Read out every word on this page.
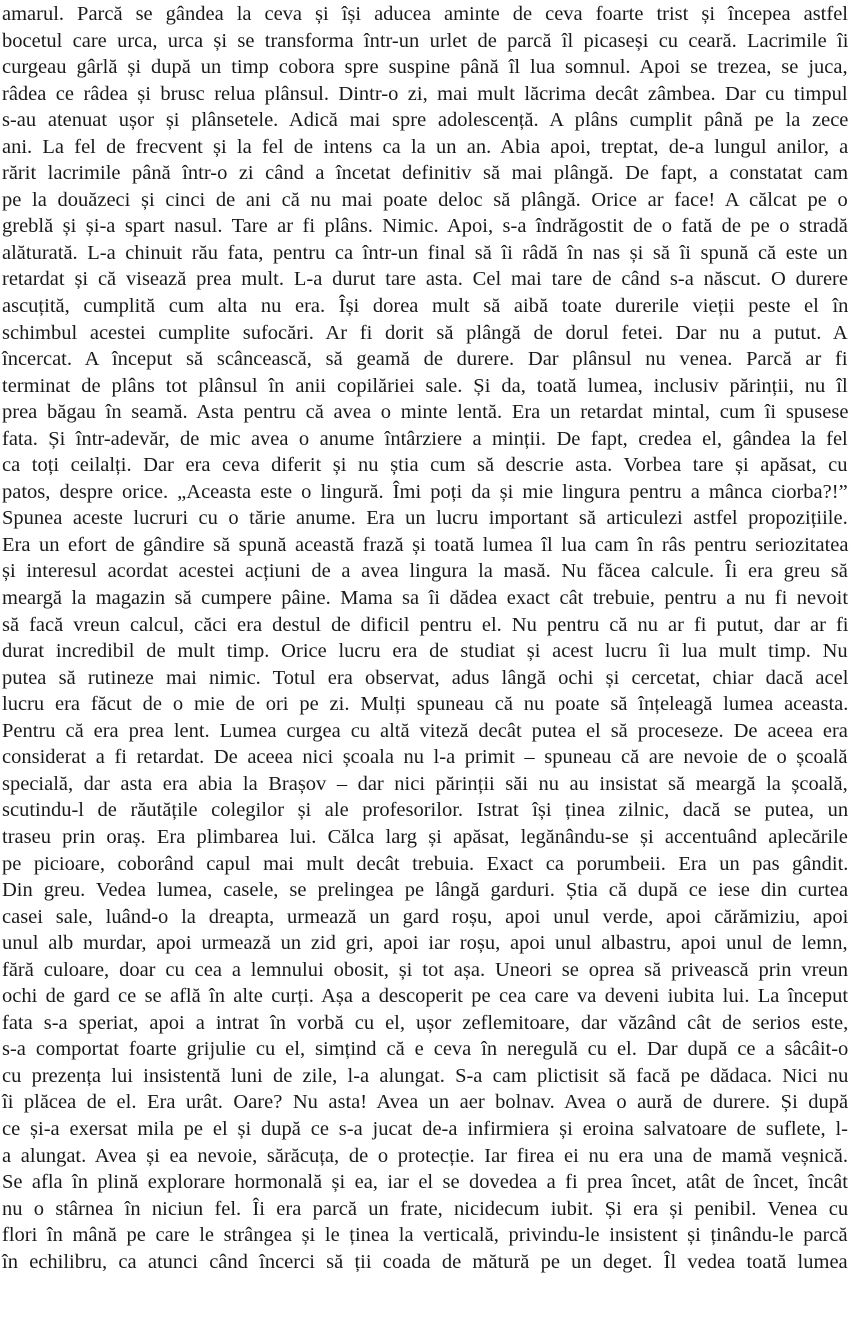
amarul. Parcă se gândea la ceva și își aducea aminte de ceva foarte trist și începea astfel
bocetul care urca, urca și se transforma într-un urlet de parcă îl picaseși cu ceară. Lacrimile îi
curgeau gârlă și după un timp cobora spre suspine până îl lua somnul. Apoi se trezea, se juca,
râdea ce râdea și brusc relua plânsul. Dintr-o zi, mai mult lăcrima decât zâmbea. Dar cu timpul
s-au atenuat ușor și plânsetele. Adică mai spre adolescență. A plâns cumplit până pe la zece
ani. La fel de frecvent și la fel de intens ca la un an. Abia apoi, treptat, de-a lungul anilor, a
rărit lacrimile până într-o zi când a încetat definitiv să mai plângă. De fapt, a constatat cam
pe la douăzeci și cinci de ani că nu mai poate deloc să plângă. Orice ar face! A călcat pe o
greblă și și-a spart nasul. Tare ar fi plâns. Nimic. Apoi, s-a îndrăgostit de o fată de pe o stradă
alăturată. L-a chinuit rău fata, pentru ca într-un final să îi râdă în nas și să îi spună că este un
retardat și că visează prea mult. L-a durut tare asta. Cel mai tare de când s-a născut. O durere
ascuțită, cumplită cum alta nu era. Își dorea mult să aibă toate durerile vieții peste el în
schimbul acestei cumplite sufocări. Ar fi dorit să plângă de dorul fetei. Dar nu a putut. A
încercat. A început să scâncească, să geamă de durere. Dar plânsul nu venea. Parcă ar fi
terminat de plâns tot plânsul în anii copilăriei sale. Și da, toată lumea, inclusiv părinții, nu îl
prea băgau în seamă. Asta pentru că avea o minte lentă. Era un retardat mintal, cum îi spusese
fata. Și într-adevăr, de mic avea o anume întârziere a minții. De fapt, credea el, gândea la fel
ca toți ceilalți. Dar era ceva diferit și nu știa cum să descrie asta. Vorbea tare și apăsat, cu
patos, despre orice. „Aceasta este o lingură. Îmi poți da și mie lingura pentru a mânca ciorba?!”
Spunea aceste lucruri cu o tărie anume. Era un lucru important să articulezi astfel propozițiile.
Era un efort de gândire să spună această frază și toată lumea îl lua cam în râs pentru seriozitatea
și interesul acordat acestei acțiuni de a avea lingura la masă. Nu făcea calcule. Îi era greu să
meargă la magazin să cumpere pâine. Mama sa îi dădea exact cât trebuie, pentru a nu fi nevoit
să facă vreun calcul, căci era destul de dificil pentru el. Nu pentru că nu ar fi putut, dar ar fi
durat incredibil de mult timp. Orice lucru era de studiat și acest lucru îi lua mult timp. Nu
putea să rutineze mai nimic. Totul era observat, adus lângă ochi și cercetat, chiar dacă acel
lucru era făcut de o mie de ori pe zi. Mulți spuneau că nu poate să înțeleagă lumea aceasta.
Pentru că era prea lent. Lumea curgea cu altă viteză decât putea el să proceseze. De aceea era
considerat a fi retardat. De aceea nici școala nu l-a primit – spuneau că are nevoie de o școală
specială, dar asta era abia la Brașov – dar nici părinții săi nu au insistat să meargă la școală,
scutindu-l de răutățile colegilor și ale profesorilor. Istrat își ținea zilnic, dacă se putea, un
traseu prin oraș. Era plimbarea lui. Călca larg și apăsat, legănându-se și accentuând aplecările
pe picioare, coborând capul mai mult decât trebuia. Exact ca porumbeii. Era un pas gândit.
Din greu. Vedea lumea, casele, se prelingea pe lângă garduri. Știa că după ce iese din curtea
casei sale, luând-o la dreapta, urmează un gard roșu, apoi unul verde, apoi cărămiziu, apoi
unul alb murdar, apoi urmează un zid gri, apoi iar roșu, apoi unul albastru, apoi unul de lemn,
fără culoare, doar cu cea a lemnului obosit, și tot așa. Uneori se oprea să privească prin vreun
ochi de gard ce se află în alte curți. Așa a descoperit pe cea care va deveni iubita lui. La început
fata s-a speriat, apoi a intrat în vorbă cu el, ușor zeflemitoare, dar văzând cât de serios este,
s-a comportat foarte grijulie cu el, simțind că e ceva în neregulă cu el. Dar după ce a sâcâit-o
cu prezența lui insistentă luni de zile, l-a alungat. S-a cam plictisit să facă pe dădaca. Nici nu
îi plăcea de el. Era urât. Oare? Nu asta! Avea un aer bolnav. Avea o aură de durere. Și după
ce și-a exersat mila pe el și după ce s-a jucat de-a infirmiera și eroina salvatoare de suflete, l-
a alungat. Avea și ea nevoie, sărăcuța, de o protecție. Iar firea ei nu era una de mamă veșnică.
Se afla în plină explorare hormonală și ea, iar el se dovedea a fi prea încet, atât de încet, încât
nu o stârnea în niciun fel. Îi era parcă un frate, nicidecum iubit. Și era și penibil. Venea cu
flori în mână pe care le strângea și le ținea la verticală, privindu-le insistent și ținându-le parcă
în echilibru, ca atunci când încerci să ții coada de mătură pe un deget. Îl vedea toată lumea
